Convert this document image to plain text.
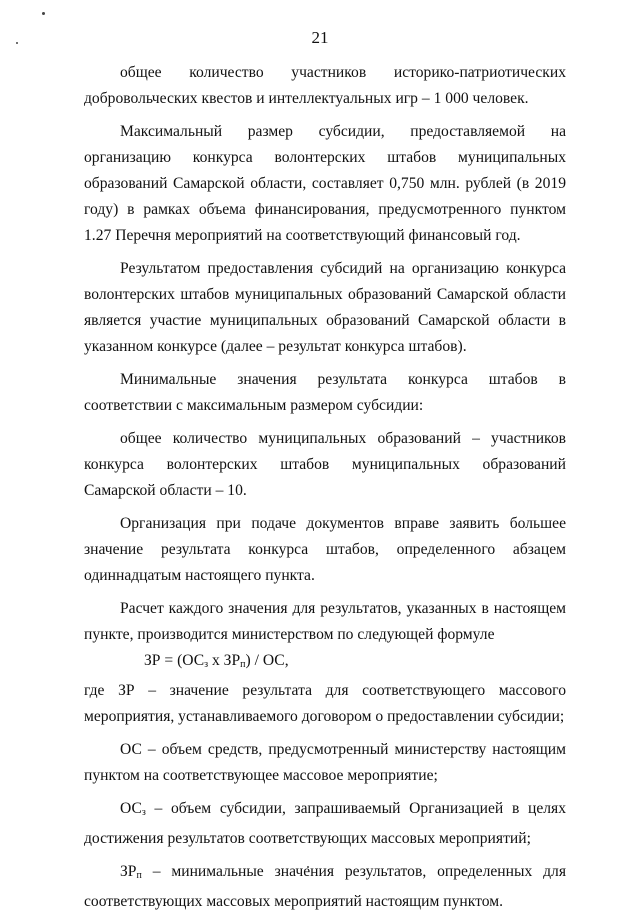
21

общее количество участников историко-патриотических добровольческих квестов и интеллектуальных игр – 1 000 человек.

Максимальный размер субсидии, предоставляемой на организацию конкурса волонтерских штабов муниципальных образований Самарской области, составляет 0,750 млн. рублей (в 2019 году) в рамках объема финансирования, предусмотренного пунктом 1.27 Перечня мероприятий на соответствующий финансовый год.

Результатом предоставления субсидий на организацию конкурса волонтерских штабов муниципальных образований Самарской области является участие муниципальных образований Самарской области в указанном конкурсе (далее – результат конкурса штабов).

Минимальные значения результата конкурса штабов в соответствии с максимальным размером субсидии:

общее количество муниципальных образований – участников конкурса волонтерских штабов муниципальных образований Самарской области – 10.

Организация при подаче документов вправе заявить большее значение результата конкурса штабов, определенного абзацем одиннадцатым настоящего пункта.

Расчет каждого значения для результатов, указанных в настоящем пункте, производится министерством по следующей формуле

ЗР = ($ОС_з$ х $ЗР_п$) / ОС,

где ЗР – значение результата для соответствующего массового мероприятия, устанавливаемого договором о предоставлении субсидии;

ОС – объем средств, предусмотренный министерству настоящим пунктом на соответствующее массовое мероприятие;

$ОС_з$ – объем субсидии, запрашиваемый Организацией в целях достижения результатов соответствующих массовых мероприятий;

$ЗР_п$ – минимальные значения результатов, определенных для соответствующих массовых мероприятий настоящим пунктом.
